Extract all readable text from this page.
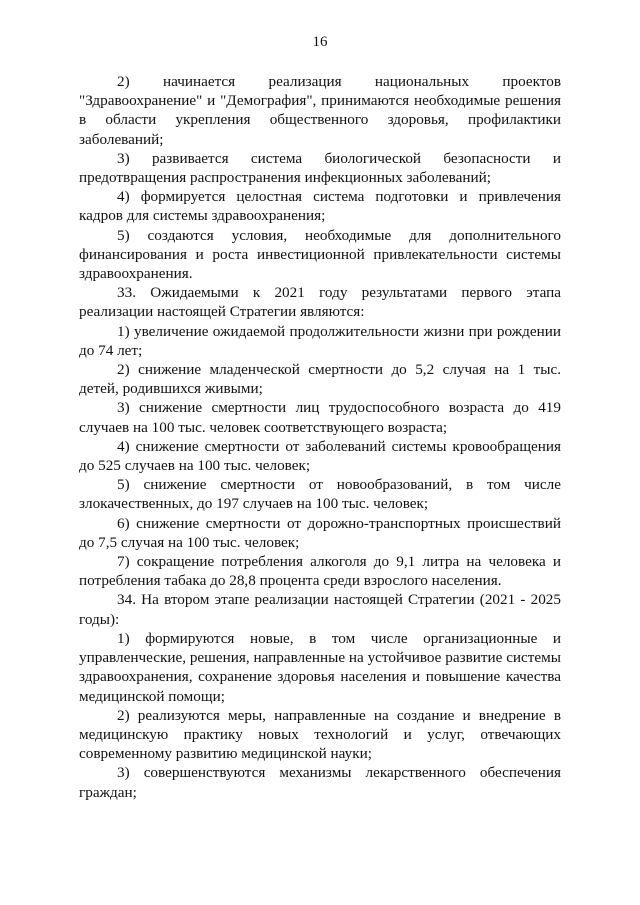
16

2) начинается реализация национальных проектов "Здравоохранение" и "Демография", принимаются необходимые решения в области укрепления общественного здоровья, профилактики заболеваний;

3) развивается система биологической безопасности и предотвращения распространения инфекционных заболеваний;

4) формируется целостная система подготовки и привлечения кадров для системы здравоохранения;

5) создаются условия, необходимые для дополнительного финансирования и роста инвестиционной привлекательности системы здравоохранения.

33. Ожидаемыми к 2021 году результатами первого этапа реализации настоящей Стратегии являются:

1) увеличение ожидаемой продолжительности жизни при рождении до 74 лет;

2) снижение младенческой смертности до 5,2 случая на 1 тыс. детей, родившихся живыми;

3) снижение смертности лиц трудоспособного возраста до 419 случаев на 100 тыс. человек соответствующего возраста;

4) снижение смертности от заболеваний системы кровообращения до 525 случаев на 100 тыс. человек;

5) снижение смертности от новообразований, в том числе злокачественных, до 197 случаев на 100 тыс. человек;

6) снижение смертности от дорожно-транспортных происшествий до 7,5 случая на 100 тыс. человек;

7) сокращение потребления алкоголя до 9,1 литра на человека и потребления табака до 28,8 процента среди взрослого населения.

34. На втором этапе реализации настоящей Стратегии (2021 - 2025 годы):

1) формируются новые, в том числе организационные и управленческие, решения, направленные на устойчивое развитие системы здравоохранения, сохранение здоровья населения и повышение качества медицинской помощи;

2) реализуются меры, направленные на создание и внедрение в медицинскую практику новых технологий и услуг, отвечающих современному развитию медицинской науки;

3) совершенствуются механизмы лекарственного обеспечения граждан;
